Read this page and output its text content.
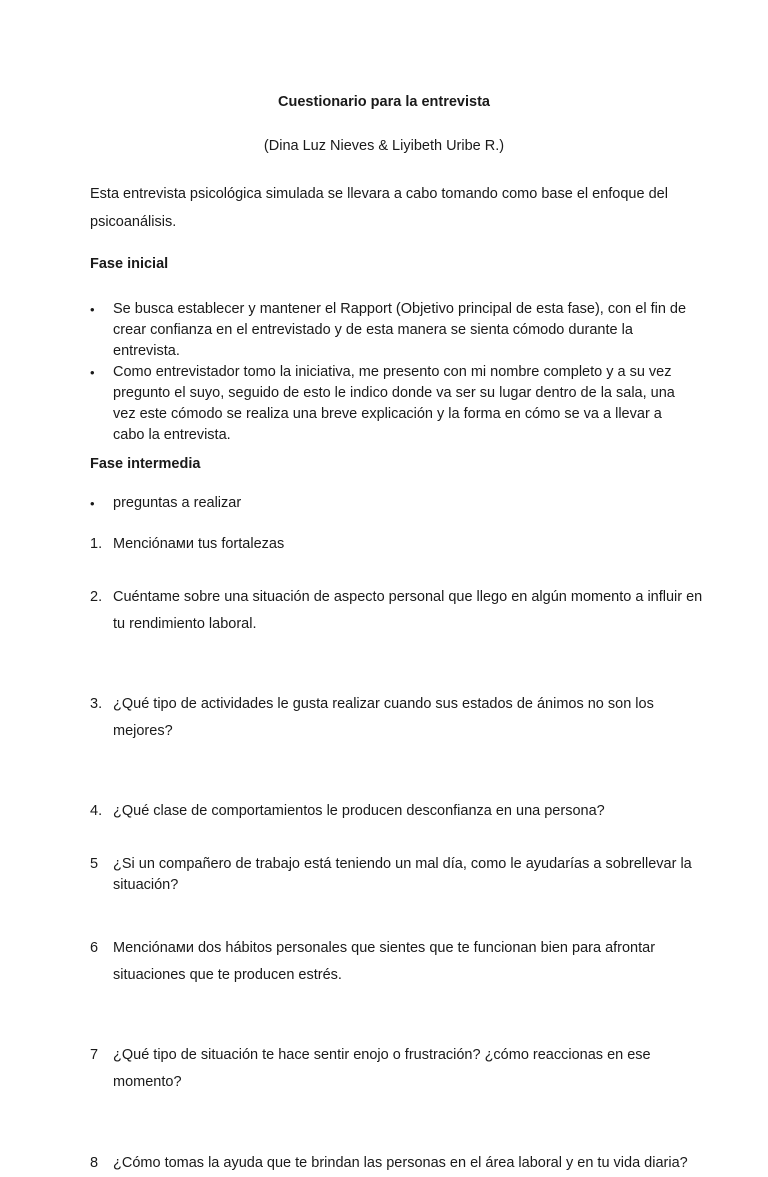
Cuestionario para la entrevista

(Dina Luz Nieves & Liyibeth Uribe R.)

Esta entrevista psicológica simulada se llevara a cabo tomando como base el enfoque del psicoanálisis.

Fase inicial

•	Se busca establecer y mantener el Rapport (Objetivo principal de esta fase), con el fin de crear confianza en el entrevistado y de esta manera se sienta cómodo durante la entrevista.
•	Como entrevistador tomo la iniciativa, me presento con mi nombre completo y a su vez pregunto el suyo, seguido de esto le indico donde va ser su lugar dentro de la sala, una vez este cómodo se realiza una breve explicación y la forma en cómo se va a llevar a cabo la entrevista.

Fase intermedia

•	preguntas a realizar
1. Menciónами tus fortalezas
2. Cuéntame sobre una situación de aspecto personal que llego en algún momento a influir en tu rendimiento laboral.
3. ¿Qué tipo de actividades le gusta realizar cuando sus estados de ánimos no son los mejores?
4. ¿Qué clase de comportamientos le producen desconfianza en una persona?
5	¿Si un compañero de trabajo está teniendo un mal día, como le ayudarías a sobrellevar la situación?
6	Menciónами dos hábitos personales que sientes que te funcionan bien para afrontar situaciones que te producen estrés.
7	¿Qué tipo de situación te hace sentir enojo o frustración? ¿cómo reaccionas en ese momento?
8	¿Cómo tomas la ayuda que te brindan las personas en el área laboral y en tu vida diaria?
